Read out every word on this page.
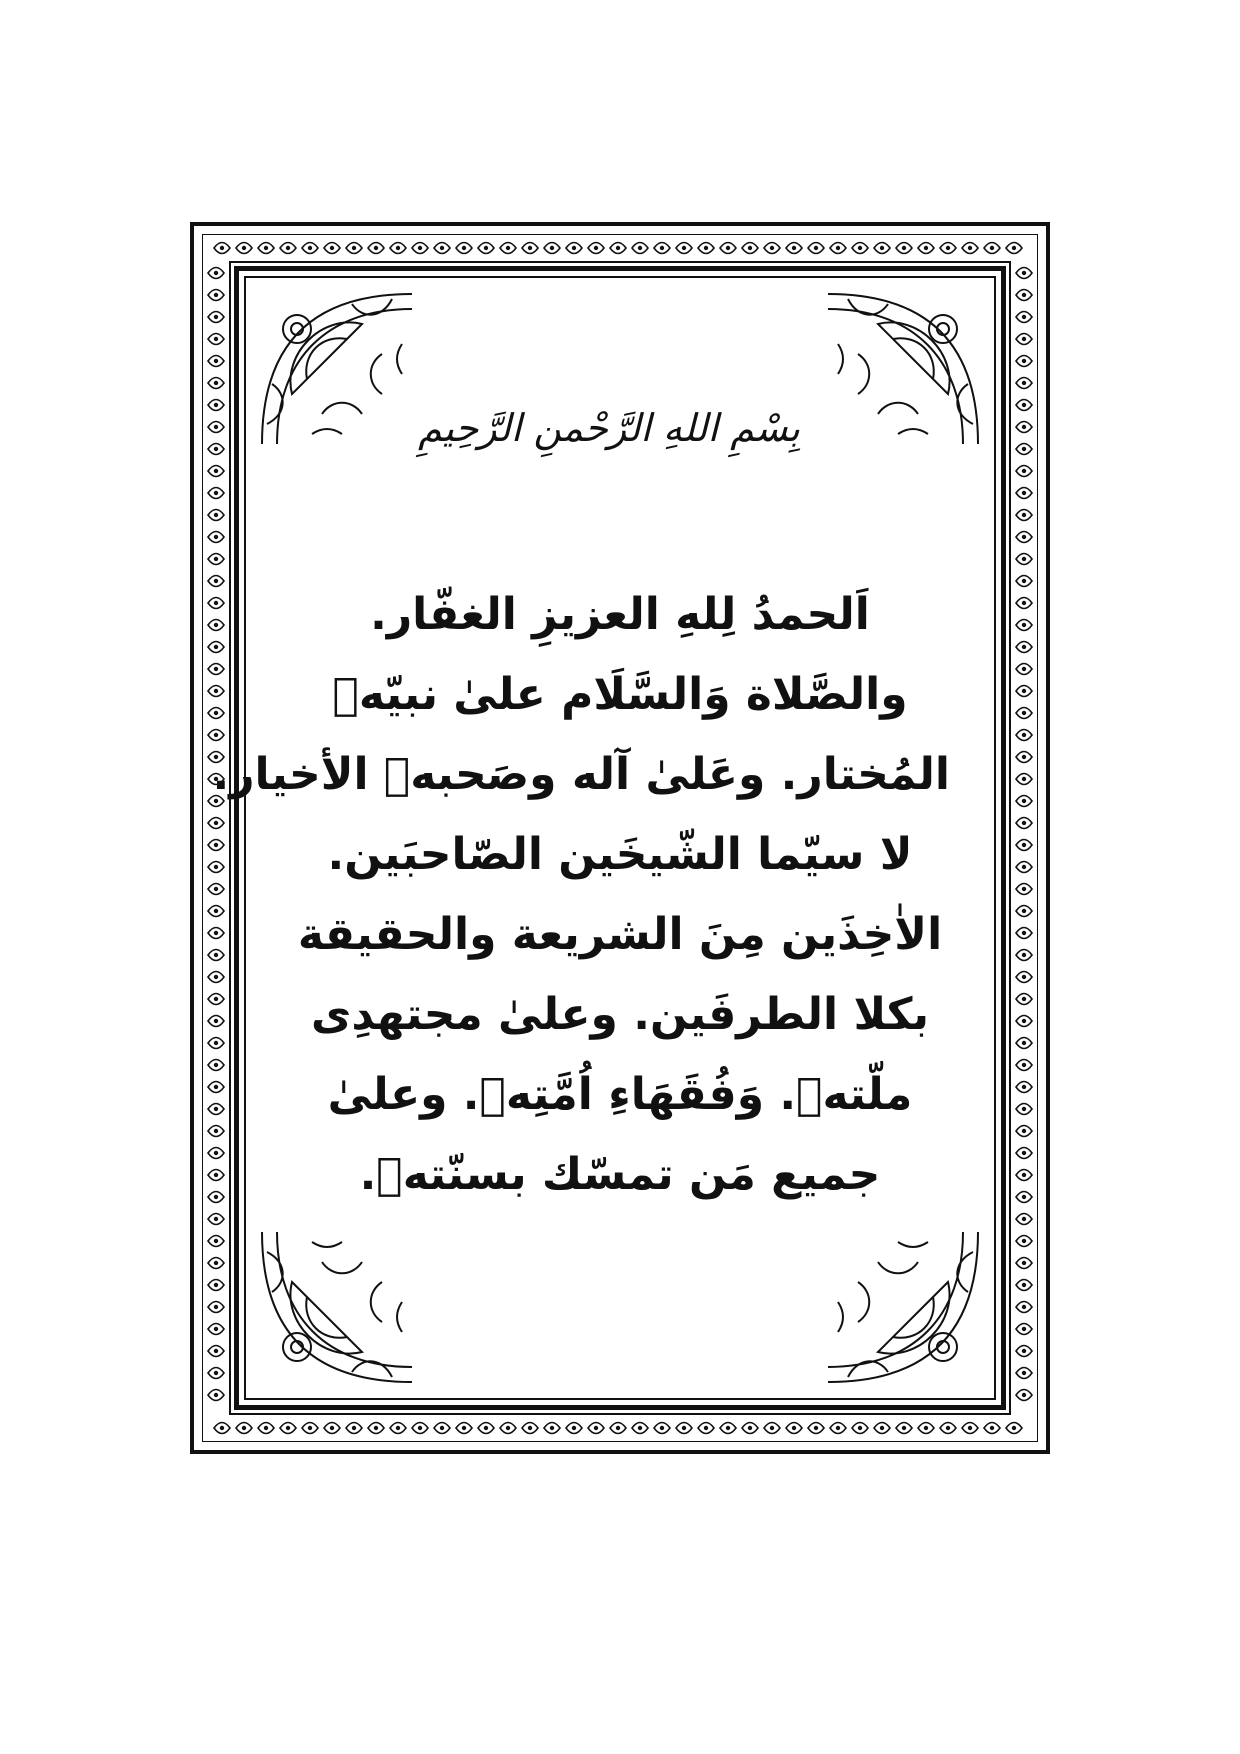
بِسْمِ اللهِ الرَّحْمنِ الرَّحِيمِ
اَلحمدُ لِلهِ العزيزِ الغفّار.
والصَّلاة وَالسَّلَام علىٰ نبيّهٖ
المُختار. وعَلىٰ آله وصَحبهٖ الأخيار.
لا سيّما الشّيخَين الصّاحبَين.
الاٰخِذَين مِنَ الشريعة والحقيقة
بكلا الطرفَين. وعلىٰ مجتهدِى
ملّتهٖ. وَفُقَهَاءِ اُمَّتِهٖ. وعلىٰ
جميع مَن تمسّك بسنّتهٖ.
